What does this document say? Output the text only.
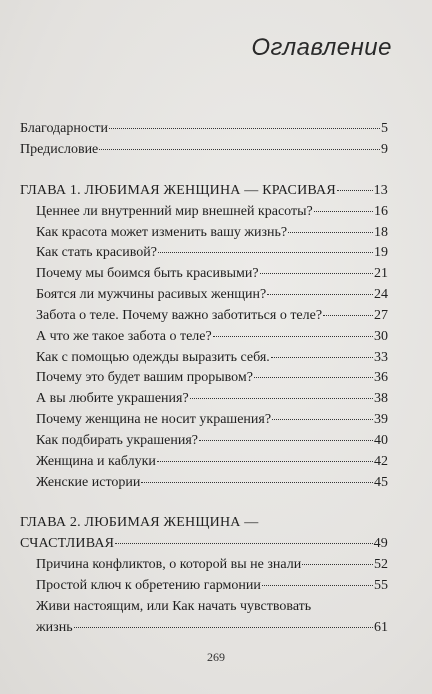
Оглавление
Благодарности	5
Предисловие	9
ГЛАВА 1. ЛЮБИМАЯ ЖЕНЩИНА — КРАСИВАЯ	13
Ценнее ли внутренний мир внешней красоты?	16
Как красота может изменить вашу жизнь?	18
Как стать красивой?	19
Почему мы боимся быть красивыми?	21
Боятся ли мужчины расивых женщин?	24
Забота о теле. Почему важно заботиться о теле?	27
А что же такое забота о теле?	30
Как с помощью одежды выразить себя.	33
Почему это будет вашим прорывом?	36
А вы любите украшения?	38
Почему женщина не носит украшения?	39
Как подбирать украшения?	40
Женщина и каблуки	42
Женские истории	45
ГЛАВА 2. ЛЮБИМАЯ ЖЕНЩИНА —
СЧАСТЛИВАЯ	49
Причина конфликтов, о которой вы не знали	52
Простой ключ к обретению гармонии	55
Живи настоящим, или Как начать чувствовать
жизнь	61
269
